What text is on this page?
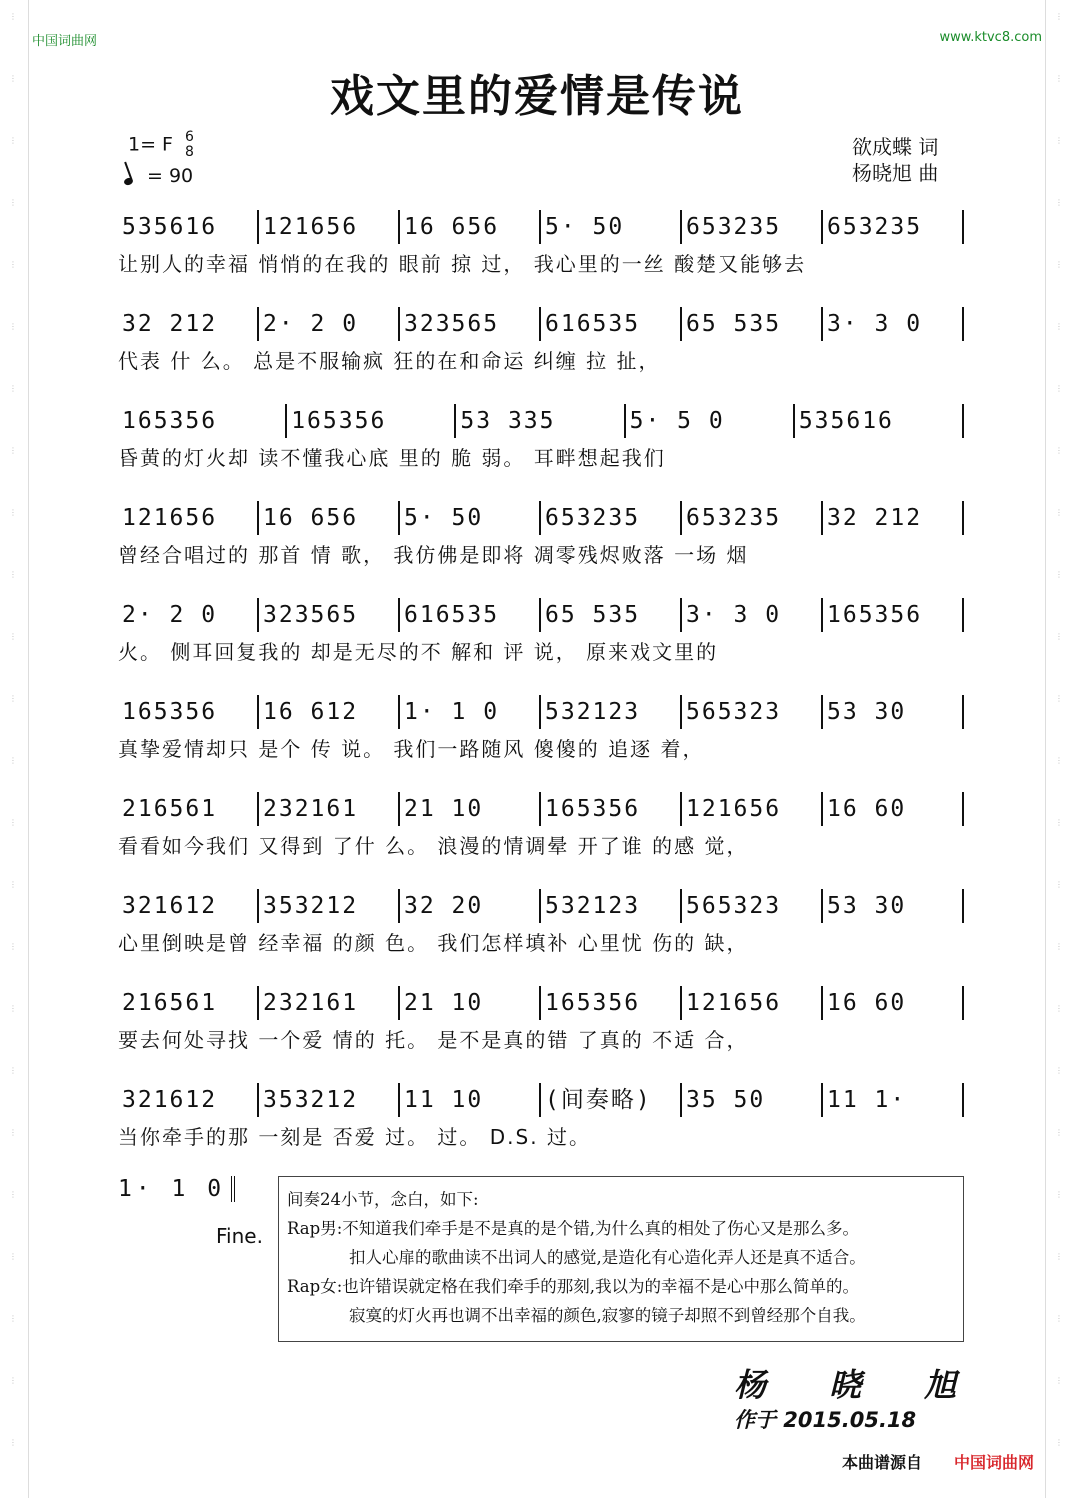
⋮
⋮
⋮
⋮
⋮
⋮
⋮
⋮
⋮
⋮
⋮
⋮
⋮
⋮
⋮
⋮
⋮
⋮
⋮
⋮
⋮
⋮
⋮
⋮
⋮
⋮
⋮
⋮
⋮
⋮
⋮
⋮
⋮
⋮
⋮
⋮
⋮
⋮
⋮
⋮
⋮
⋮
⋮
⋮
⋮
⋮
⋮
⋮
中国词曲网	www.ktvc8.com
戏文里的爱情是传说
1= F 6
8
= 90
欲成蝶 词
杨晓旭 曲
535616	121656	16 656	5· 50	653235	653235
让别人的幸福 悄悄的在我的 眼前 掠 过， 我心里的一丝 酸楚又能够去
32 212	2· 2 0	323565	616535	65 535	3· 3 0
代表 什 么。 总是不服输疯 狂的在和命运 纠缠 拉 扯，
165356	165356	53 335	5· 5 0	535616
昏黄的灯火却 读不懂我心底 里的 脆 弱。 耳畔想起我们
121656	16 656	5· 50	653235	653235	32 212
曾经合唱过的 那首 情 歌， 我仿佛是即将 凋零残烬败落 一场 烟
2· 2 0	323565	616535	65 535	3· 3 0	165356
火。 侧耳回复我的 却是无尽的不 解和 评 说， 原来戏文里的
165356	16 612	1· 1 0	532123	565323	53 30
真挚爱情却只 是个 传 说。 我们一路随风 傻傻的 追逐 着，
216561	232161	21 10	165356	121656	16 60
看看如今我们 又得到 了什 么。 浪漫的情调晕 开了谁 的感 觉，
321612	353212	32 20	532123	565323	53 30
心里倒映是曾 经幸福 的颜 色。 我们怎样填补 心里忧 伤的 缺，
216561	232161	21 10	165356	121656	16 60
要去何处寻找 一个爱 情的 托。 是不是真的错 了真的 不适 合，
321612	353212	11 10	(间奏略)	35 50	11 1·
当你牵手的那 一刻是 否爱 过。 过。 D.S. 过。
1· 1 0
Fine.
间奏24小节，念白，如下:
Rap男:不知道我们牵手是不是真的是个错,为什么真的相处了伤心又是那么多。
扣人心扉的歌曲读不出词人的感觉,是造化有心造化弄人还是真不适合。
Rap女:也许错误就定格在我们牵手的那刻,我以为的幸福不是心中那么简单的。
寂寞的灯火再也调不出幸福的颜色,寂寥的镜子却照不到曾经那个自我。
杨 晓 旭
作于 2015.05.18
本曲谱源自 中国词曲网
